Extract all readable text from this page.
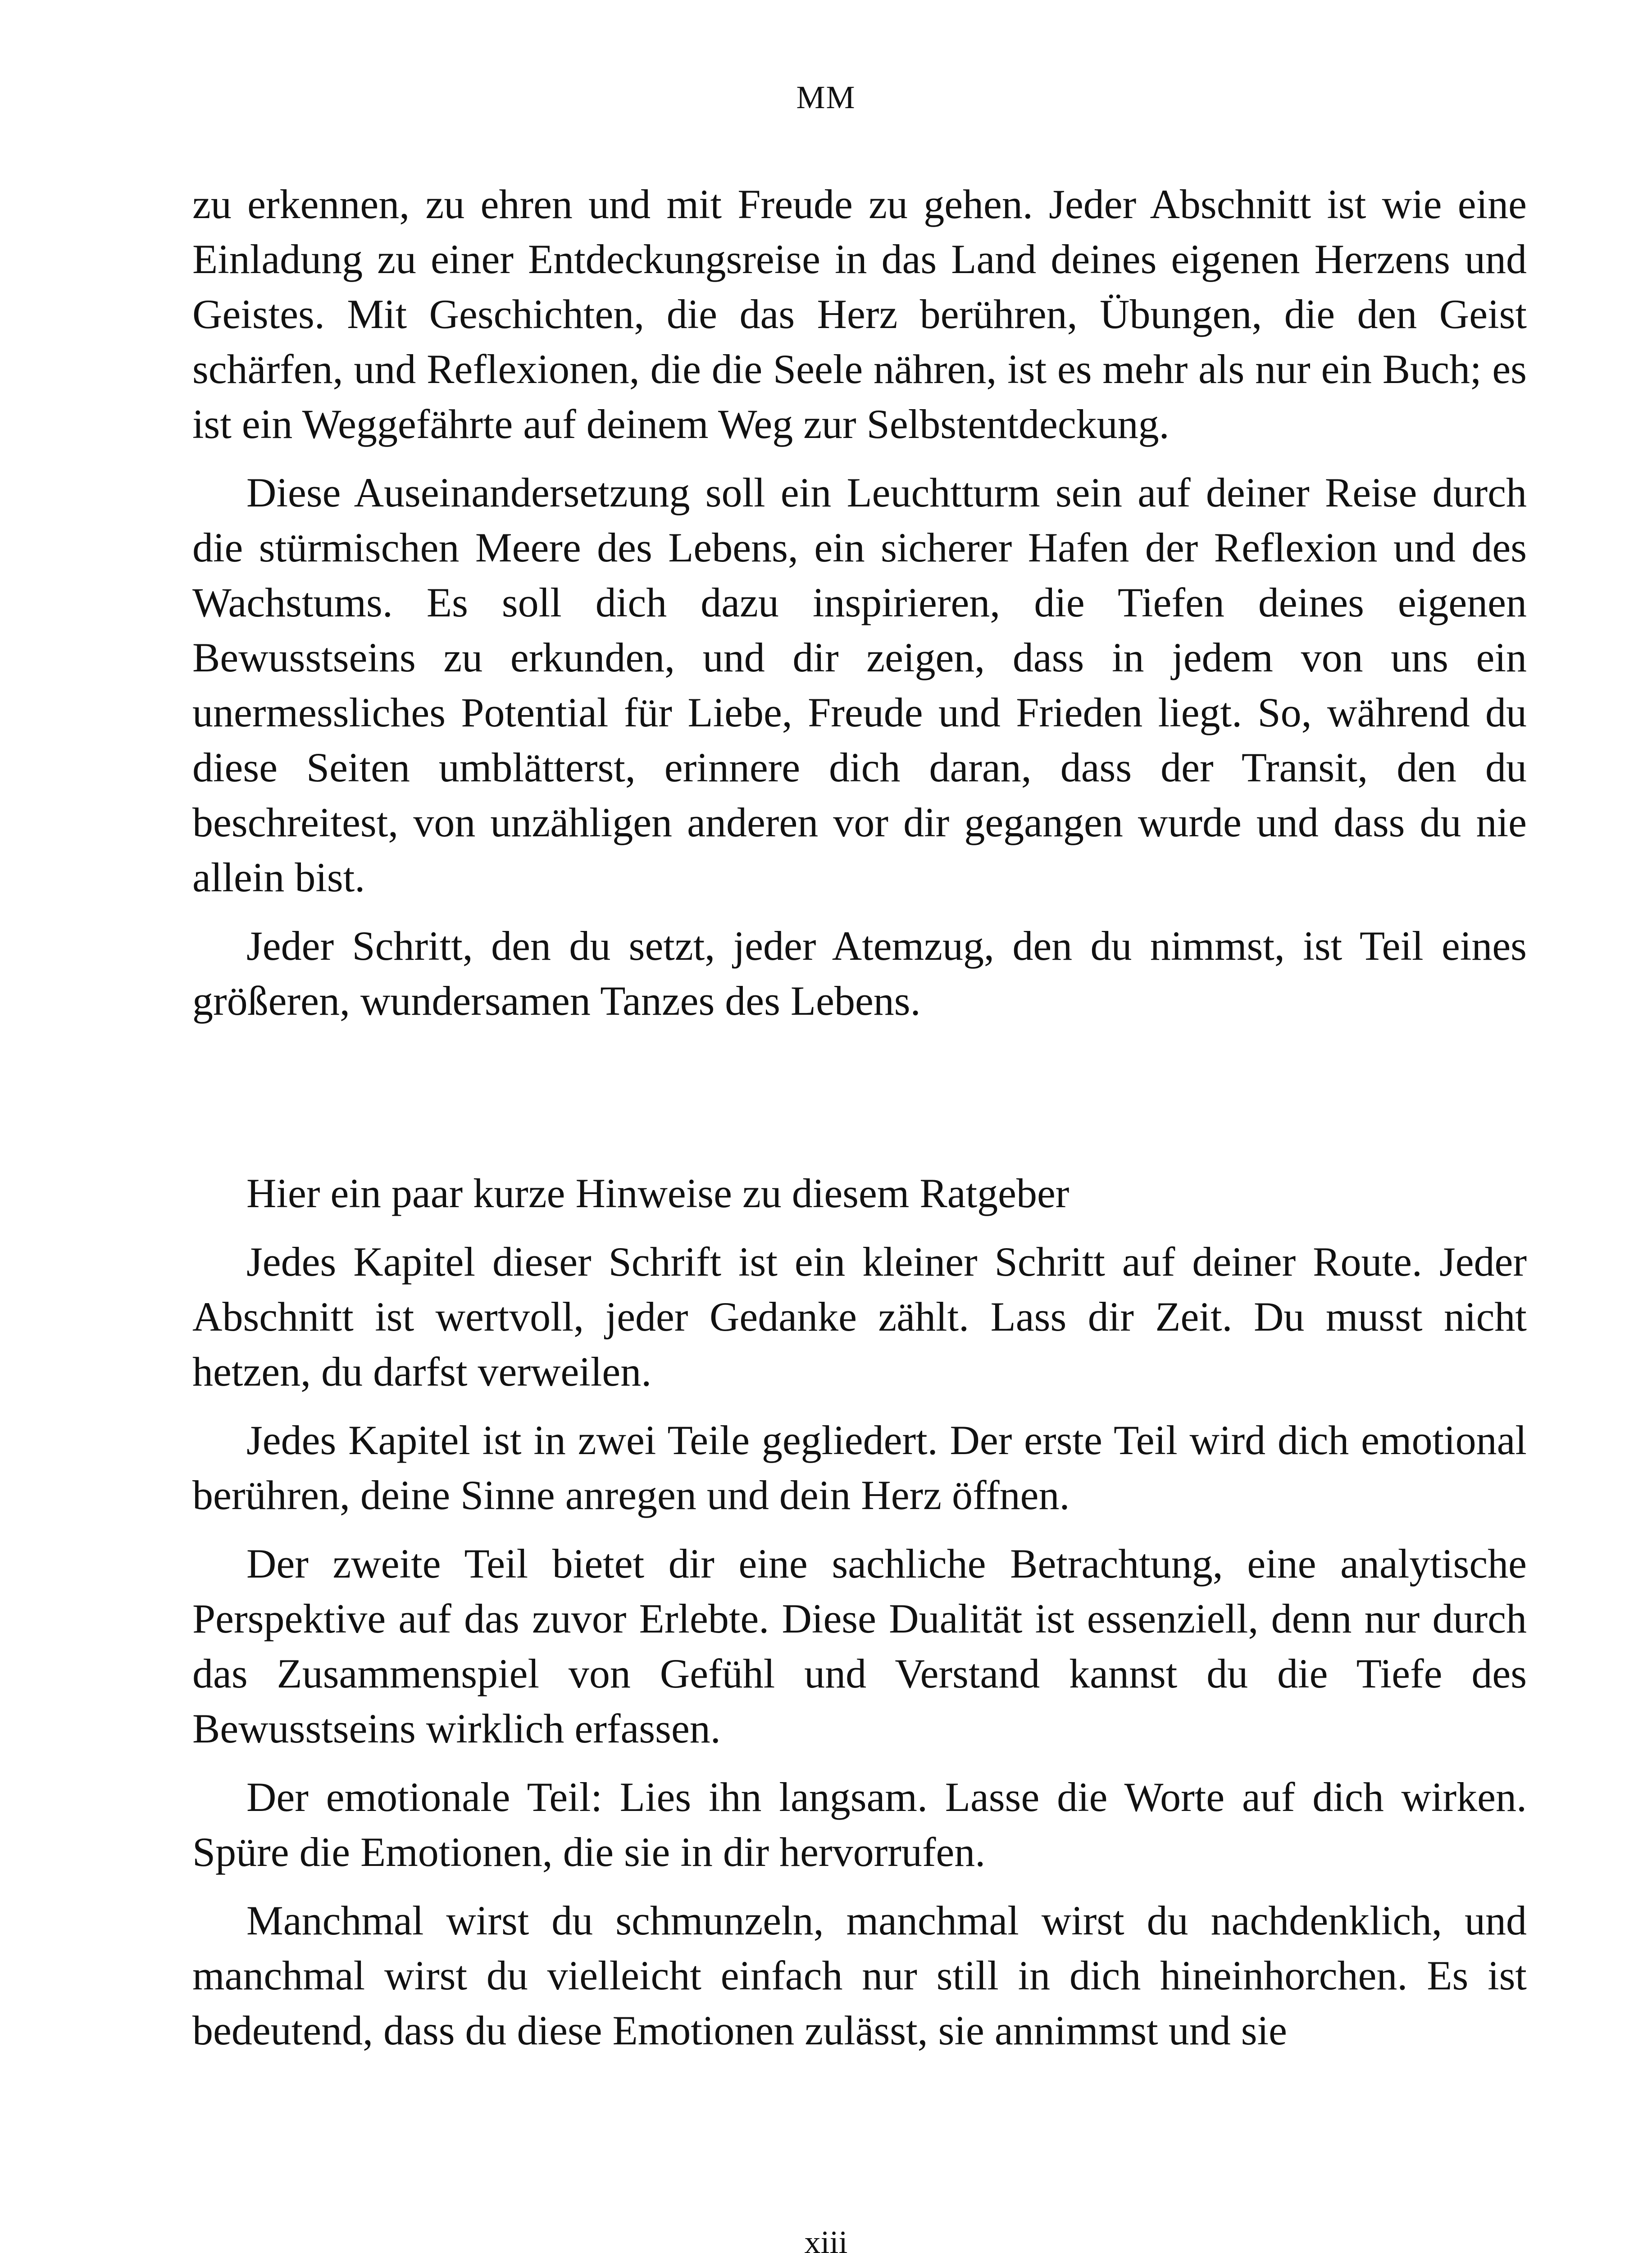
MM

zu erkennen, zu ehren und mit Freude zu gehen. Jeder Abschnitt ist wie eine Einladung zu einer Entdeckungsreise in das Land deines eigenen Herzens und Geistes. Mit Geschichten, die das Herz berühren, Übungen, die den Geist schärfen, und Reflexionen, die die Seele nähren, ist es mehr als nur ein Buch; es ist ein Weggefährte auf deinem Weg zur Selbstentdeckung.

Diese Auseinandersetzung soll ein Leuchtturm sein auf deiner Reise durch die stürmischen Meere des Lebens, ein sicherer Hafen der Reflexion und des Wachstums. Es soll dich dazu inspirieren, die Tiefen deines eigenen Bewusstseins zu erkunden, und dir zeigen, dass in jedem von uns ein unermessliches Potential für Liebe, Freude und Frieden liegt. So, während du diese Seiten umblätterst, erinnere dich daran, dass der Transit, den du beschreitest, von unzähligen anderen vor dir gegangen wurde und dass du nie allein bist.

Jeder Schritt, den du setzt, jeder Atemzug, den du nimmst, ist Teil eines größeren, wundersamen Tanzes des Lebens.

Hier ein paar kurze Hinweise zu diesem Ratgeber

Jedes Kapitel dieser Schrift ist ein kleiner Schritt auf deiner Route. Jeder Abschnitt ist wertvoll, jeder Gedanke zählt. Lass dir Zeit. Du musst nicht hetzen, du darfst verweilen.

Jedes Kapitel ist in zwei Teile gegliedert. Der erste Teil wird dich emotional berühren, deine Sinne anregen und dein Herz öffnen.

Der zweite Teil bietet dir eine sachliche Betrachtung, eine analytische Perspektive auf das zuvor Erlebte. Diese Dualität ist essenziell, denn nur durch das Zusammenspiel von Gefühl und Verstand kannst du die Tiefe des Bewusstseins wirklich erfassen.

Der emotionale Teil: Lies ihn langsam. Lasse die Worte auf dich wirken. Spüre die Emotionen, die sie in dir hervorrufen.

Manchmal wirst du schmunzeln, manchmal wirst du nachdenklich, und manchmal wirst du vielleicht einfach nur still in dich hineinhorchen. Es ist bedeutend, dass du diese Emotionen zulässt, sie annimmst und sie

xiii
